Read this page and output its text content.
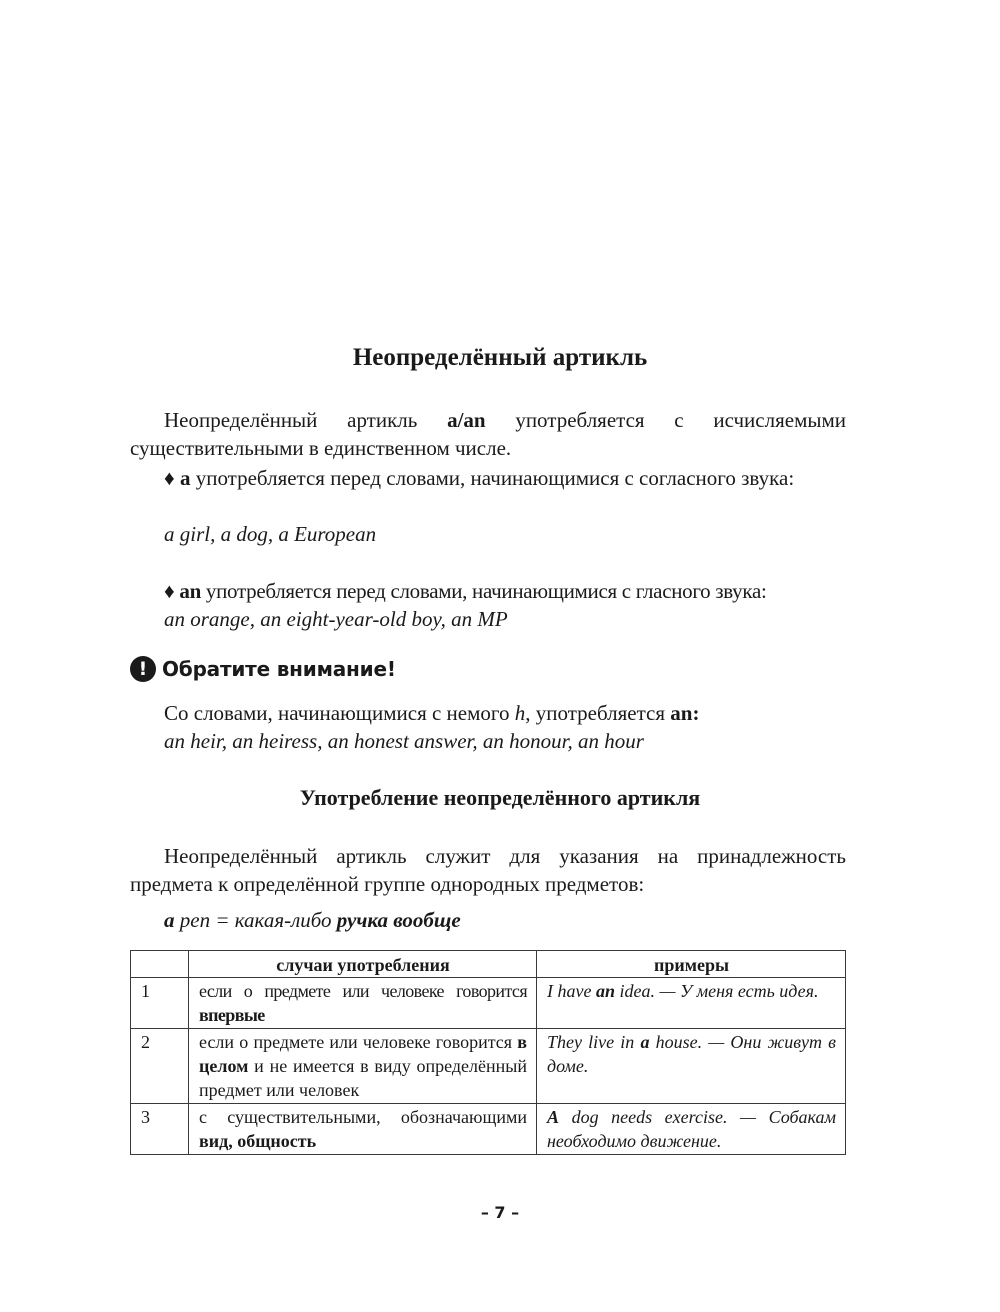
Неопределённый артикль
Неопределённый артикль a/an употребляется с исчисляемыми существительными в единственном числе.
♦ a употребляется перед словами, начинающимися с согласного звука:
a girl, a dog, a European
♦ an употребляется перед словами, начинающимися с гласного звука:
an orange, an eight-year-old boy, an MP
! Обратите внимание!
Со словами, начинающимися с немого h, употребляется an:
an heir, an heiress, an honest answer, an honour, an hour
Употребление неопределённого артикля
Неопределённый артикль служит для указания на принадлежность предмета к определённой группе однородных предметов:
a pen = какая-либо ручка вообще
	случаи употребления	примеры
1	если о предмете или человеке говорится впервые	I have an idea. — У меня есть идея.
2	если о предмете или человеке говорится в целом и не имеется в виду определённый предмет или человек	They live in a house. — Они живут в доме.
3	с существительными, обозначающими вид, общность	A dog needs exercise. — Собакам необходимо движение.
– 7 –
